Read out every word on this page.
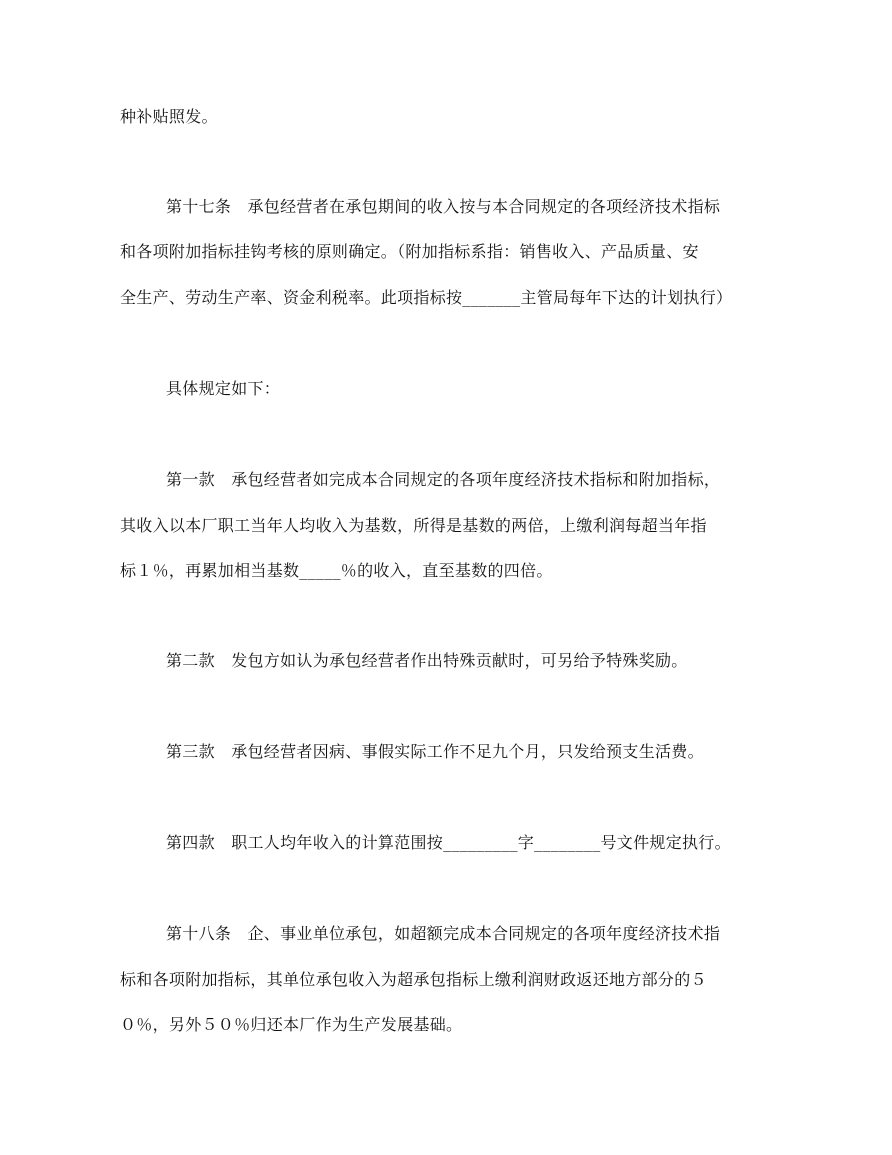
种补贴照发。
第十七条　承包经营者在承包期间的收入按与本合同规定的各项经济技术指标
和各项附加指标挂钩考核的原则确定。（附加指标系指：销售收入、产品质量、安
全生产、劳动生产率、资金利税率。此项指标按_______主管局每年下达的计划执行）
具体规定如下：
第一款　承包经营者如完成本合同规定的各项年度经济技术指标和附加指标，
其收入以本厂职工当年人均收入为基数，所得是基数的两倍，上缴利润每超当年指
标１％，再累加相当基数_____％的收入，直至基数的四倍。
第二款　发包方如认为承包经营者作出特殊贡献时，可另给予特殊奖励。
第三款　承包经营者因病、事假实际工作不足九个月，只发给预支生活费。
第四款　职工人均年收入的计算范围按_________字________号文件规定执行。
第十八条　企、事业单位承包，如超额完成本合同规定的各项年度经济技术指
标和各项附加指标，其单位承包收入为超承包指标上缴利润财政返还地方部分的５
０％，另外５０％归还本厂作为生产发展基础。
